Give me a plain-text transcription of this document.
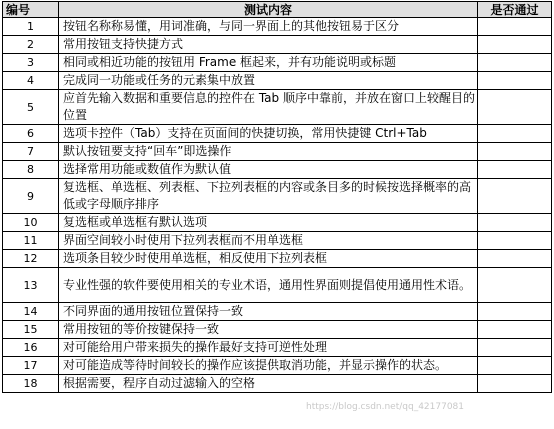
编号	测试内容	是否通过
1	按钮名称称易懂，用词准确，与同一界面上的其他按钮易于区分	
2	常用按钮支持快捷方式	
3	相同或相近功能的按钮用 Frame 框起来，并有功能说明或标题	
4	完成同一功能或任务的元素集中放置	
5	应首先输入数据和重要信息的控件在 Tab 顺序中靠前，并放在窗口上较醒目的位置	
6	选项卡控件（Tab）支持在页面间的快捷切换，常用快捷键 Ctrl+Tab	
7	默认按钮要支持“回车”即选操作	
8	选择常用功能或数值作为默认值	
9	复选框、单选框、列表框、下拉列表框的内容或条目多的时候按选择概率的高低或字母顺序排序	
10	复选框或单选框有默认选项	
11	界面空间较小时使用下拉列表框而不用单选框	
12	选项条目较少时使用单选框，相反使用下拉列表框	
13	专业性强的软件要使用相关的专业术语，通用性界面则提倡使用通用性术语。	
14	不同界面的通用按钮位置保持一致	
15	常用按钮的等价按键保持一致	
16	对可能给用户带来损失的操作最好支持可逆性处理	
17	对可能造成等待时间较长的操作应该提供取消功能，并显示操作的状态。	
18	根据需要，程序自动过滤输入的空格	
https://blog.csdn.net/qq_42177081
